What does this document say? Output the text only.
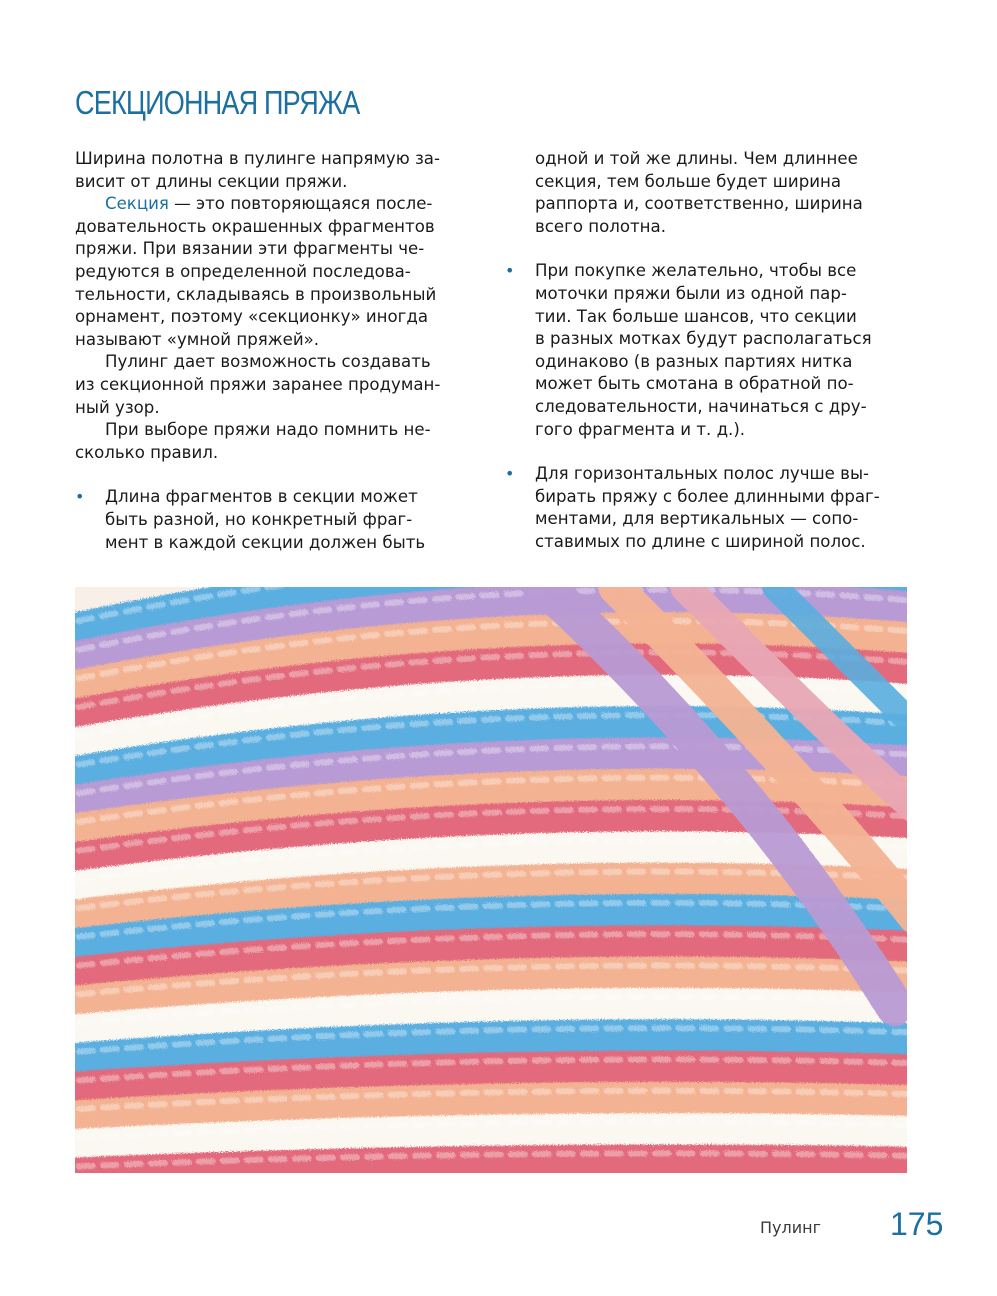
СЕКЦИОННАЯ ПРЯЖА
Ширина полотна в пулинге напрямую за-
висит от длины секции пряжи.
Секция — это повторяющаяся после-
довательность окрашенных фрагментов
пряжи. При вязании эти фрагменты че-
редуются в определенной последова-
тельности, складываясь в произвольный
орнамент, поэтому «секционку» иногда
называют «умной пряжей».
Пулинг дает возможность создавать
из секционной пряжи заранее продуман-
ный узор.
При выборе пряжи надо помнить не-
сколько правил.
• Длина фрагментов в секции может
быть разной, но конкретный фраг-
мент в каждой секции должен быть
одной и той же длины. Чем длиннее
секция, тем больше будет ширина
раппорта и, соответственно, ширина
всего полотна.
• При покупке желательно, чтобы все
моточки пряжи были из одной пар-
тии. Так больше шансов, что секции
в разных мотках будут располагаться
одинаково (в разных партиях нитка
может быть смотана в обратной по-
следовательности, начинаться с дру-
гого фрагмента и т. д.).
• Для горизонтальных полос лучше вы-
бирать пряжу с более длинными фраг-
ментами, для вертикальных — сопо-
ставимых по длине с шириной полос.
Пулинг 175
